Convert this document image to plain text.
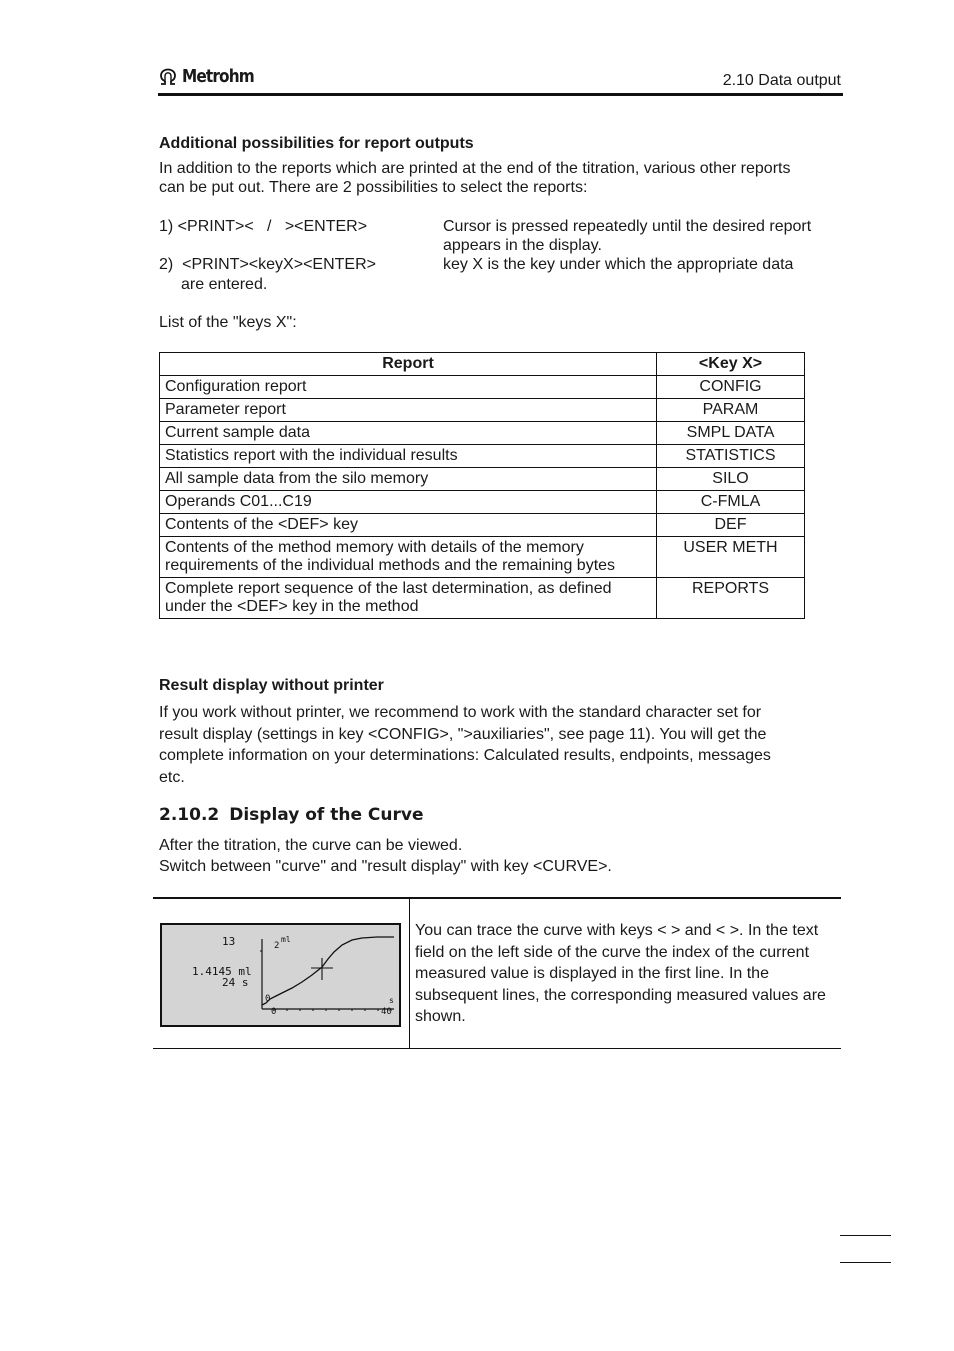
Metrohm	2.10 Data output
Additional possibilities for report outputs
In addition to the reports which are printed at the end of the titration, various other reports
can be put out. There are 2 possibilities to select the reports:
1) <PRINT><   /   ><ENTER>	Cursor is pressed repeatedly until the desired report
appears in the display.
2)  <PRINT><keyX><ENTER>	key X is the key under which the appropriate data
are entered.
List of the "keys X":
Report	<Key X>
Configuration report	CONFIG
Parameter report	PARAM
Current sample data	SMPL DATA
Statistics report with the individual results	STATISTICS
All sample data from the silo memory	SILO
Operands C01...C19	C-FMLA
Contents of the <DEF> key	DEF
Contents of the method memory with details of the memory requirements of the individual methods and the remaining bytes	USER METH
Complete report sequence of the last determination, as defined under the <DEF> key in the method	REPORTS
Result display without printer
If you work without printer, we recommend to work with the standard character set for
result display (settings in key <CONFIG>, ">auxiliaries", see page 11). You will get the
complete information on your determinations: Calculated results, endpoints, messages
etc.
2.10.2 Display of the Curve
After the titration, the curve can be viewed.
Switch between "curve" and "result display" with key <CURVE>.
13
1.4145 ml
24 s
2
ml
0
0	40
s
You can trace the curve with keys < > and < >. In the text field on the left side of the curve the index of the current measured value is displayed in the first line. In the subsequent lines, the corresponding measured values are shown.
